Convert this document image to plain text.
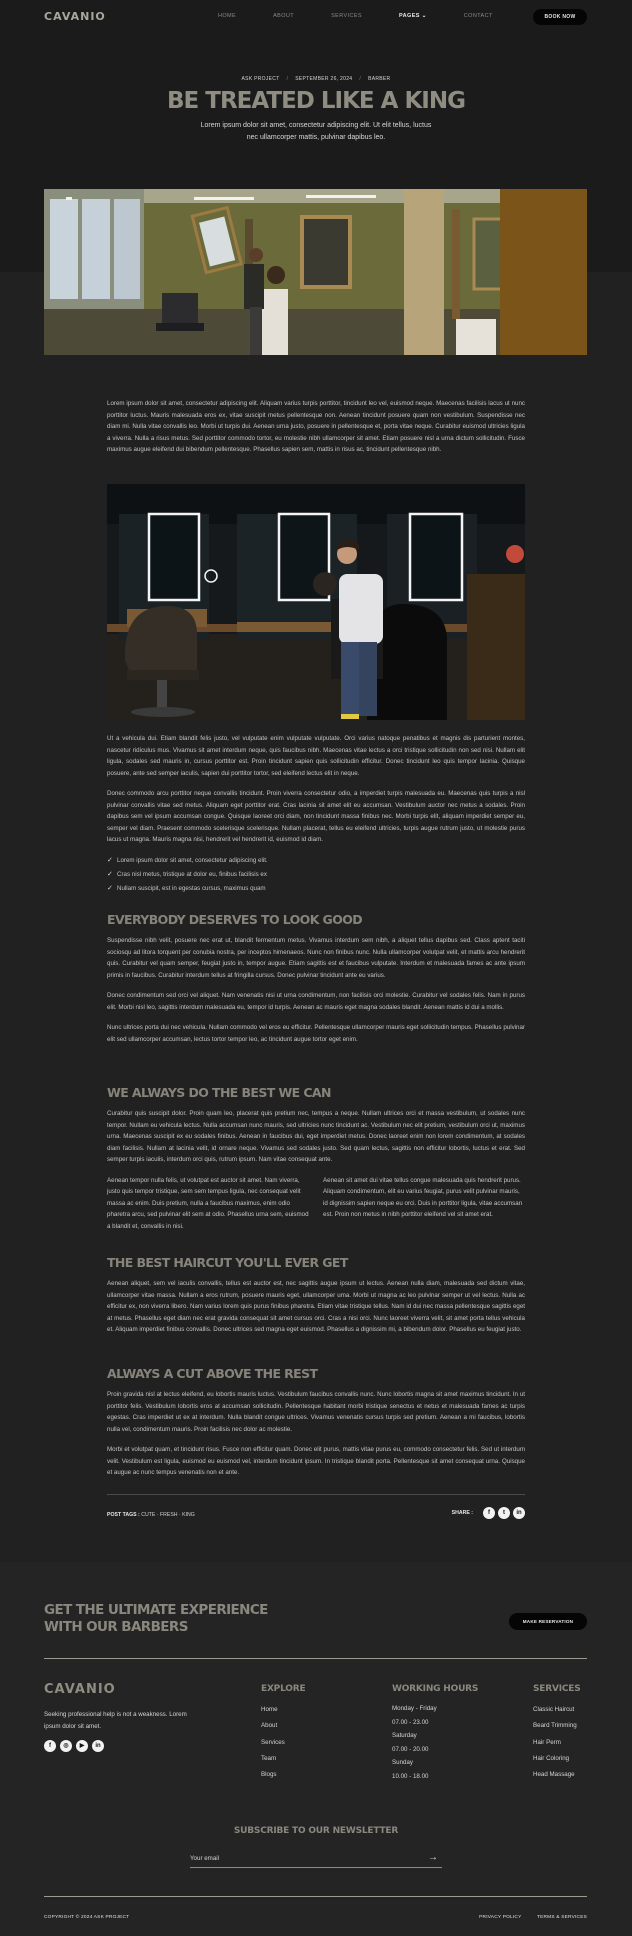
CAVANIO	HOME	ABOUT	SERVICES	PAGES ⌄	CONTACT	BOOK NOW
ASK PROJECT / SEPTEMBER 26, 2024 / BARBER
BE TREATED LIKE A KING
Lorem ipsum dolor sit amet, consectetur adipiscing elit. Ut elit tellus, luctus nec ullamcorper mattis, pulvinar dapibus leo.

Lorem ipsum dolor sit amet, consectetur adipiscing elit. Aliquam varius turpis porttitor, tincidunt leo vel, euismod neque. Maecenas facilisis lacus ut nunc porttitor luctus. Mauris malesuada eros ex, vitae suscipit metus pellentesque non. Aenean tincidunt posuere quam non vestibulum. Suspendisse nec diam mi. Nulla vitae convallis leo. Morbi ut turpis dui. Aenean urna justo, posuere in pellentesque et, porta vitae neque. Curabitur euismod ultricies ligula a viverra. Nulla a risus metus. Sed porttitor commodo tortor, eu molestie nibh ullamcorper sit amet. Etiam posuere nisl a urna dictum sollicitudin. Fusce maximus augue eleifend dui bibendum pellentesque. Phasellus sapien sem, mattis in risus ac, tincidunt pellentesque nibh.

Ut a vehicula dui. Etiam blandit felis justo, vel vulputate enim vulputate vulputate. Orci varius natoque penatibus et magnis dis parturient montes, nascetur ridiculus mus. Vivamus sit amet interdum neque, quis faucibus nibh. Maecenas vitae lectus a orci tristique sollicitudin non sed nisi. Nullam elit ligula, sodales sed mauris in, cursus porttitor est. Proin tincidunt sapien quis sollicitudin efficitur. Donec tincidunt leo quis tempor lacinia. Quisque posuere, ante sed semper iaculis, sapien dui porttitor tortor, sed eleifend lectus elit in neque.

Donec commodo arcu porttitor neque convallis tincidunt. Proin viverra consectetur odio, a imperdiet turpis malesuada eu. Maecenas quis turpis a nisl pulvinar convallis vitae sed metus. Aliquam eget porttitor erat. Cras lacinia sit amet elit eu accumsan. Vestibulum auctor nec metus a sodales. Proin dapibus sem vel ipsum accumsan congue. Quisque laoreet orci diam, non tincidunt massa finibus nec. Morbi turpis elit, aliquam imperdiet semper eu, semper vel diam. Praesent commodo scelerisque scelerisque. Nullam placerat, tellus eu eleifend ultricies, turpis augue rutrum justo, ut molestie purus lacus ut magna. Mauris magna nisi, hendrerit vel hendrerit id, euismod id diam.

✓ Lorem ipsum dolor sit amet, consectetur adipiscing elit.
✓ Cras nisl metus, tristique at dolor eu, finibus facilisis ex
✓ Nullam suscipit, est in egestas cursus, maximus quam
EVERYBODY DESERVES TO LOOK GOOD

Suspendisse nibh velit, posuere nec erat ut, blandit fermentum metus. Vivamus interdum sem nibh, a aliquet tellus dapibus sed. Class aptent taciti sociosqu ad litora torquent per conubia nostra, per inceptos himenaeos. Nunc non finibus nunc. Nulla ullamcorper volutpat velit, et mattis arcu hendrerit quis. Curabitur vel quam semper, feugiat justo in, tempor augue. Etiam sagittis est et faucibus vulputate. Interdum et malesuada fames ac ante ipsum primis in faucibus. Curabitur interdum tellus at fringilla cursus. Donec pulvinar tincidunt ante eu varius.

Donec condimentum sed orci vel aliquet. Nam venenatis nisi ut urna condimentum, non facilisis orci molestie. Curabitur vel sodales felis. Nam in purus elit. Morbi nisl leo, sagittis interdum malesuada eu, tempor id turpis. Aenean ac mauris eget magna sodales blandit. Aenean mattis id dui a mollis.

Nunc ultrices porta dui nec vehicula. Nullam commodo vel eros eu efficitur. Pellentesque ullamcorper mauris eget sollicitudin tempus. Phasellus pulvinar elit sed ullamcorper accumsan, lectus tortor tempor leo, ac tincidunt augue tortor eget enim.

WE ALWAYS DO THE BEST WE CAN

Curabitur quis suscipit dolor. Proin quam leo, placerat quis pretium nec, tempus a neque. Nullam ultrices orci et massa vestibulum, ut sodales nunc tempor. Nullam eu vehicula lectus. Nulla accumsan nunc mauris, sed ultricies nunc tincidunt ac. Vestibulum nec elit pretium, vestibulum orci ut, maximus urna. Maecenas suscipit ex eu sodales finibus. Aenean in faucibus dui, eget imperdiet metus. Donec laoreet enim non lorem condimentum, at sodales diam facilisis. Nullam at lacinia velit, id ornare neque. Vivamus sed sodales justo. Sed quam lectus, sagittis non efficitur lobortis, luctus et erat. Sed semper turpis iaculis, interdum orci quis, rutrum ipsum. Nam vitae consequat ante.

Aenean tempor nulla felis, ut volutpat est auctor sit amet. Nam viverra, justo quis tempor tristique, sem sem tempus ligula, nec consequat velit massa ac enim. Duis pretium, nulla a faucibus maximus, enim odio pharetra arcu, sed pulvinar elit sem at odio. Phasellus urna sem, euismod a blandit et, convallis in nisi.

Aenean sit amet dui vitae tellus congue malesuada quis hendrerit purus. Aliquam condimentum, elit eu varius feugiat, purus velit pulvinar mauris, id dignissim sapien neque eu orci. Duis in porttitor ligula, vitae accumsan est. Proin non metus in nibh porttitor eleifend vel sit amet erat.

THE BEST HAIRCUT YOU'LL EVER GET

Aenean aliquet, sem vel iaculis convallis, tellus est auctor est, nec sagittis augue ipsum ut lectus. Aenean nulla diam, malesuada sed dictum vitae, ullamcorper vitae massa. Nullam a eros rutrum, posuere mauris eget, ullamcorper uma. Morbi ut magna ac leo pulvinar semper ut vel lectus. Nulla ac efficitur ex, non viverra libero. Nam varius lorem quis purus finibus pharetra. Etiam vitae tristique tellus. Nam id dui nec massa pellentesque sagittis eget at metus. Phasellus eget diam nec erat gravida consequat sit amet cursus orci. Cras a nisi orci. Nunc laoreet viverra velit, sit amet porta tellus vehicula et. Aliquam imperdiet finibus convallis. Donec ultrices sed magna eget euismod. Phasellus a dignissim mi, a bibendum dolor. Phasellus eu feugiat justo.

ALWAYS A CUT ABOVE THE REST

Proin gravida nisl at lectus eleifend, eu lobortis mauris luctus. Vestibulum faucibus convallis nunc. Nunc lobortis magna sit amet maximus tincidunt. In ut porttitor felis. Vestibulum lobortis eros at accumsan sollicitudin. Pellentesque habitant morbi tristique senectus et netus et malesuada fames ac turpis egestas. Cras imperdiet ut ex at interdum. Nulla blandit congue ultrices. Vivamus venenatis cursus turpis sed pretium. Aenean a mi faucibus, lobortis nulla vel, condimentum mauris. Proin facilisis nec dolor ac molestie.

Morbi et volutpat quam, et tincidunt risus. Fusce non efficitur quam. Donec elit purus, mattis vitae purus eu, commodo consectetur felis. Sed ut interdum velit. Vestibulum est ligula, euismod eu euismod vel, interdum tincidunt ipsum. In tristique blandit porta. Pellentesque sit amet consequat urna. Quisque et augue ac nunc tempus venenatis non et ante.

POST TAGS : CUTE · FRESH · KING	SHARE :	f	t	in
GET THE ULTIMATE EXPERIENCE
WITH OUR BARBERS	MAKE RESERVATION
CAVANIO
Seeking professional help is not a weakness. Lorem ipsum dolor sit amet.
f	◎	▶	in
EXPLORE
Home
About
Services
Team
Blogs
WORKING HOURS
Monday - Friday
07.00 - 23.00
Saturday
07.00 - 20.00
Sunday
10.00 - 18.00
SERVICES
Classic Haircut
Beard Trimming
Hair Perm
Hair Coloring
Head Massage
SUBSCRIBE TO OUR NEWSLETTER
Your email	→
COPYRIGHT © 2024 ASK PROJECT	PRIVACY POLICY	TERMS & SERVICES
